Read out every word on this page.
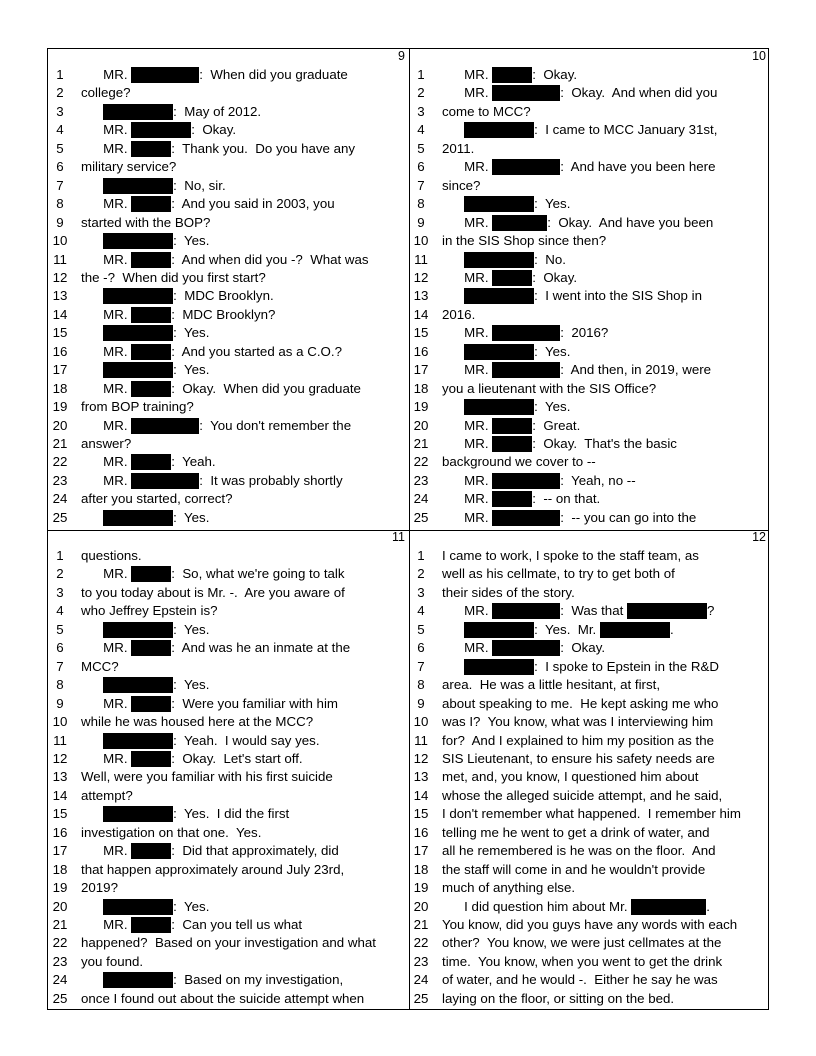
9
1	MR.	:  When did you graduate
2	college?
3	:  May of 2012.
4	MR.	:  Okay.
5	MR.	:  Thank you.  Do you have any
6	military service?
7	:  No, sir.
8	MR.	:  And you said in 2003, you
9	started with the BOP?
10	:  Yes.
11 MR.	:  And when did you -?  What was
12 the -?  When did you first start?
13	:  MDC Brooklyn.
14 MR.	:  MDC Brooklyn?
15	:  Yes.
16 MR.	:  And you started as a C.O.?
17	:  Yes.
18 MR.	:  Okay.  When did you graduate
19 from BOP training?
20 MR.	:  You don't remember the
21 answer?
22 MR.	:  Yeah.
23 MR.	:  It was probably shortly
24 after you started, correct?
25	:  Yes.
10
1	MR.	:  Okay.
2	MR.	:  Okay.  And when did you
3	come to MCC?
4	:  I came to MCC January 31st,
5	2011.
6	MR.	:  And have you been here
7	since?
8	:  Yes.
9	MR.	:  Okay.  And have you been
10 in the SIS Shop since then?
11	:  No.
12 MR.	:  Okay.
13	:  I went into the SIS Shop in
14 2016.
15 MR.	:  2016?
16	:  Yes.
17 MR.	:  And then, in 2019, were
18 you a lieutenant with the SIS Office?
19	:  Yes.
20 MR.	:  Great.
21 MR.	:  Okay.  That's the basic
22 background we cover to --
23 MR.	:  Yeah, no --
24 MR.	:  -- on that.
25 MR.	:  -- you can go into the
11
1	questions.
2	MR.	:  So, what we're going to talk
3	to you today about is Mr. -.  Are you aware of
4	who Jeffrey Epstein is?
5	:  Yes.
6	MR.	:  And was he an inmate at the
7	MCC?
8	:  Yes.
9	MR.	:  Were you familiar with him
10 while he was housed here at the MCC?
11	:  Yeah.  I would say yes.
12 MR.	:  Okay.  Let's start off.
13 Well, were you familiar with his first suicide
14 attempt?
15	:  Yes.  I did the first
16 investigation on that one.  Yes.
17 MR.	:  Did that approximately, did
18 that happen approximately around July 23rd,
19 2019?
20	:  Yes.
21 MR.	:  Can you tell us what
22 happened?  Based on your investigation and what
23 you found.
24	:  Based on my investigation,
25 once I found out about the suicide attempt when
12
1	I came to work, I spoke to the staff team, as
2	well as his cellmate, to try to get both of
3	their sides of the story.
4	MR.	:  Was that	?
5	:  Yes.  Mr.	.
6	MR.	:  Okay.
7	:  I spoke to Epstein in the R&D
8	area.  He was a little hesitant, at first,
9	about speaking to me.  He kept asking me who
10 was I?  You know, what was I interviewing him
11 for?  And I explained to him my position as the
12 SIS Lieutenant, to ensure his safety needs are
13 met, and, you know, I questioned him about
14 whose the alleged suicide attempt, and he said,
15 I don't remember what happened.  I remember him
16 telling me he went to get a drink of water, and
17 all he remembered is he was on the floor.  And
18 the staff will come in and he wouldn't provide
19 much of anything else.
20 I did question him about Mr.	.
21 You know, did you guys have any words with each
22 other?  You know, we were just cellmates at the
23 time.  You know, when you went to get the drink
24 of water, and he would -.  Either he say he was
25 laying on the floor, or sitting on the bed.
